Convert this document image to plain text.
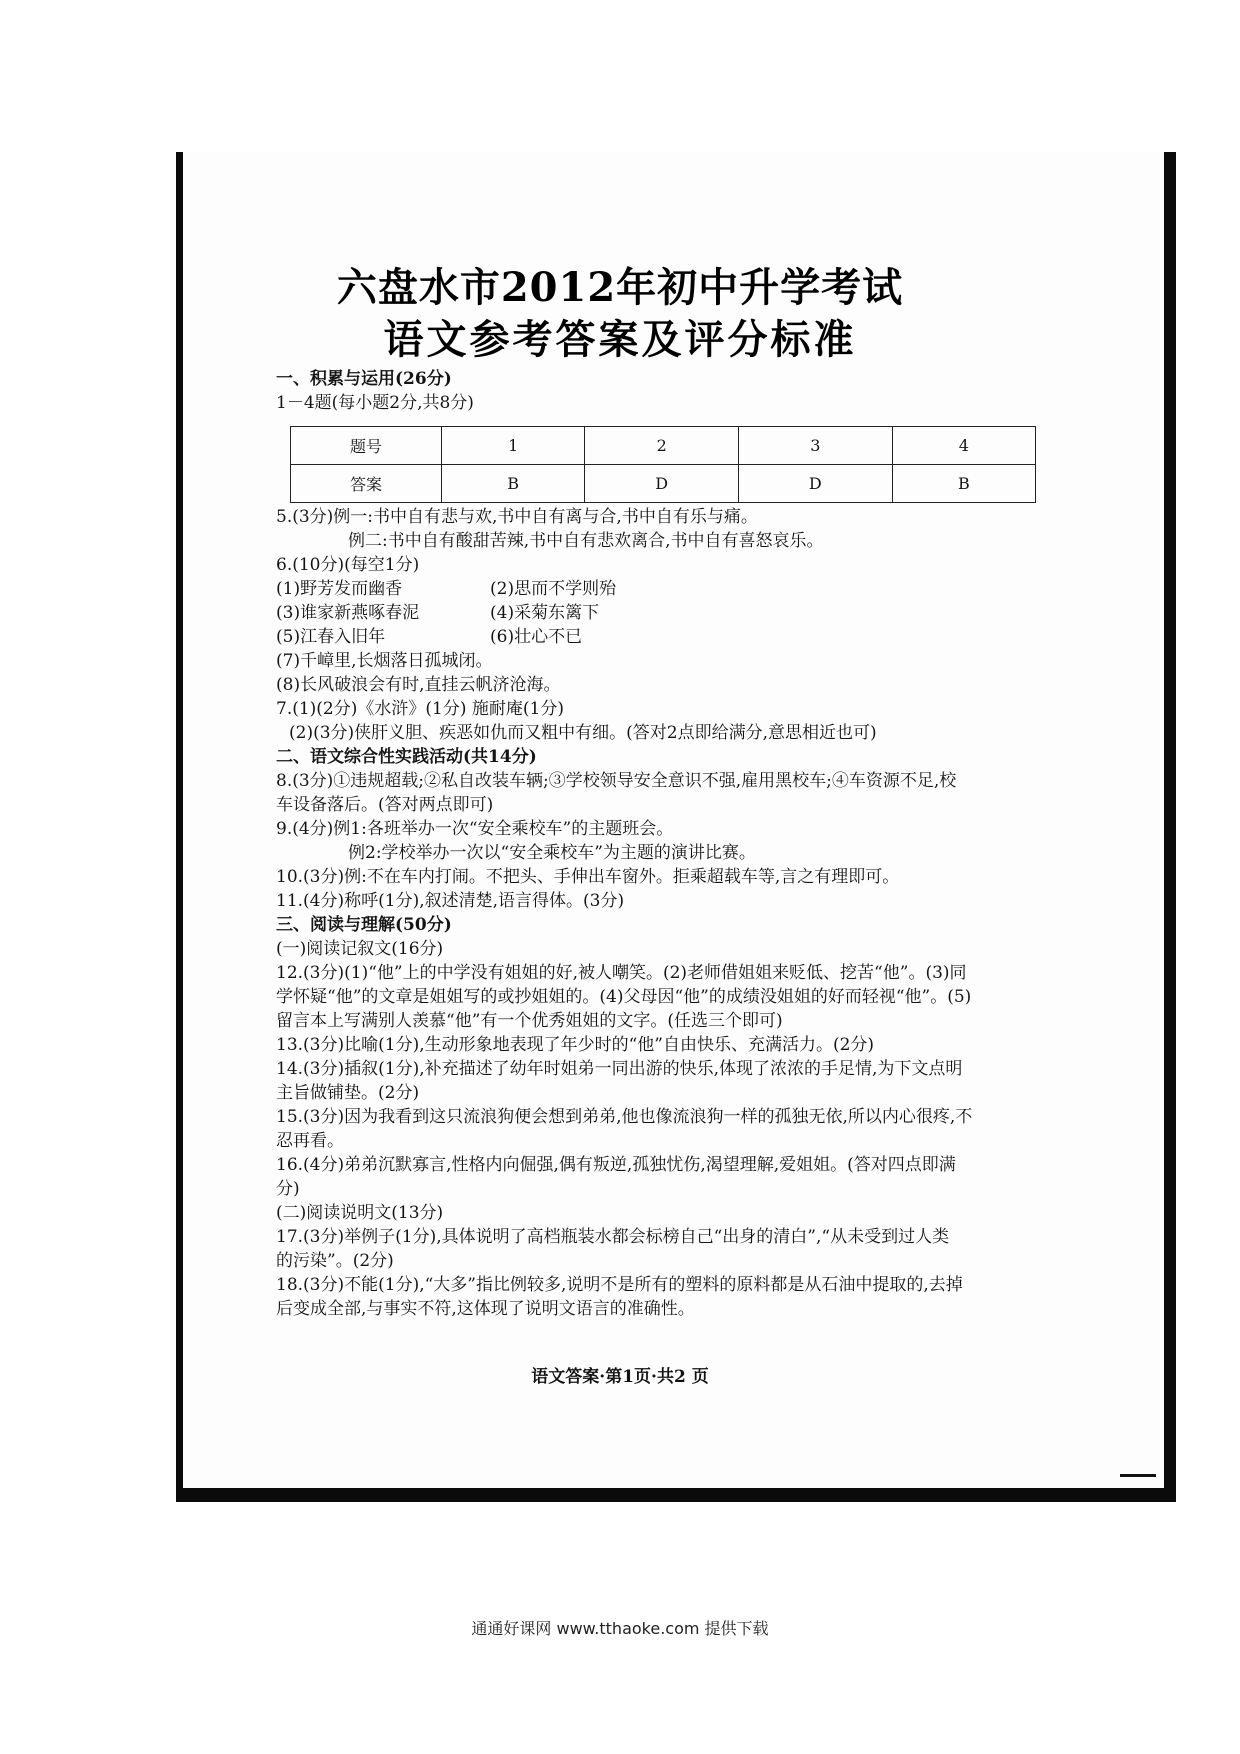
六盘水市2012年初中升学考试
语文参考答案及评分标准
一、积累与运用(26分)
1－4题(每小题2分,共8分)
题号	1	2	3	4
答案	B	D	D	B
5.(3分)例一:书中自有悲与欢,书中自有离与合,书中自有乐与痛。
例二:书中自有酸甜苦辣,书中自有悲欢离合,书中自有喜怒哀乐。
6.(10分)(每空1分)
(1)野芳发而幽香	(2)思而不学则殆
(3)谁家新燕啄春泥	(4)采菊东篱下
(5)江春入旧年	(6)壮心不已
(7)千嶂里,长烟落日孤城闭。
(8)长风破浪会有时,直挂云帆济沧海。
7.(1)(2分)《水浒》(1分) 施耐庵(1分)
(2)(3分)侠肝义胆、疾恶如仇而又粗中有细。(答对2点即给满分,意思相近也可)
二、语文综合性实践活动(共14分)
8.(3分)①违规超载;②私自改装车辆;③学校领导安全意识不强,雇用黑校车;④车资源不足,校
车设备落后。(答对两点即可)
9.(4分)例1:各班举办一次“安全乘校车”的主题班会。
例2:学校举办一次以“安全乘校车”为主题的演讲比赛。
10.(3分)例:不在车内打闹。不把头、手伸出车窗外。拒乘超载车等,言之有理即可。
11.(4分)称呼(1分),叙述清楚,语言得体。(3分)
三、阅读与理解(50分)
(一)阅读记叙文(16分)
12.(3分)(1)“他”上的中学没有姐姐的好,被人嘲笑。(2)老师借姐姐来贬低、挖苦“他”。(3)同
学怀疑“他”的文章是姐姐写的或抄姐姐的。(4)父母因“他”的成绩没姐姐的好而轻视“他”。(5)
留言本上写满别人羡慕“他”有一个优秀姐姐的文字。(任选三个即可)
13.(3分)比喻(1分),生动形象地表现了年少时的“他”自由快乐、充满活力。(2分)
14.(3分)插叙(1分),补充描述了幼年时姐弟一同出游的快乐,体现了浓浓的手足情,为下文点明
主旨做铺垫。(2分)
15.(3分)因为我看到这只流浪狗便会想到弟弟,他也像流浪狗一样的孤独无依,所以内心很疼,不
忍再看。
16.(4分)弟弟沉默寡言,性格内向倔强,偶有叛逆,孤独忧伤,渴望理解,爱姐姐。(答对四点即满
分)
(二)阅读说明文(13分)
17.(3分)举例子(1分),具体说明了高档瓶装水都会标榜自己“出身的清白”,“从未受到过人类
的污染”。(2分)
18.(3分)不能(1分),“大多”指比例较多,说明不是所有的塑料的原料都是从石油中提取的,去掉
后变成全部,与事实不符,这体现了说明文语言的准确性。
语文答案·第1页·共2 页
通通好课网 www.tthaoke.com 提供下载
